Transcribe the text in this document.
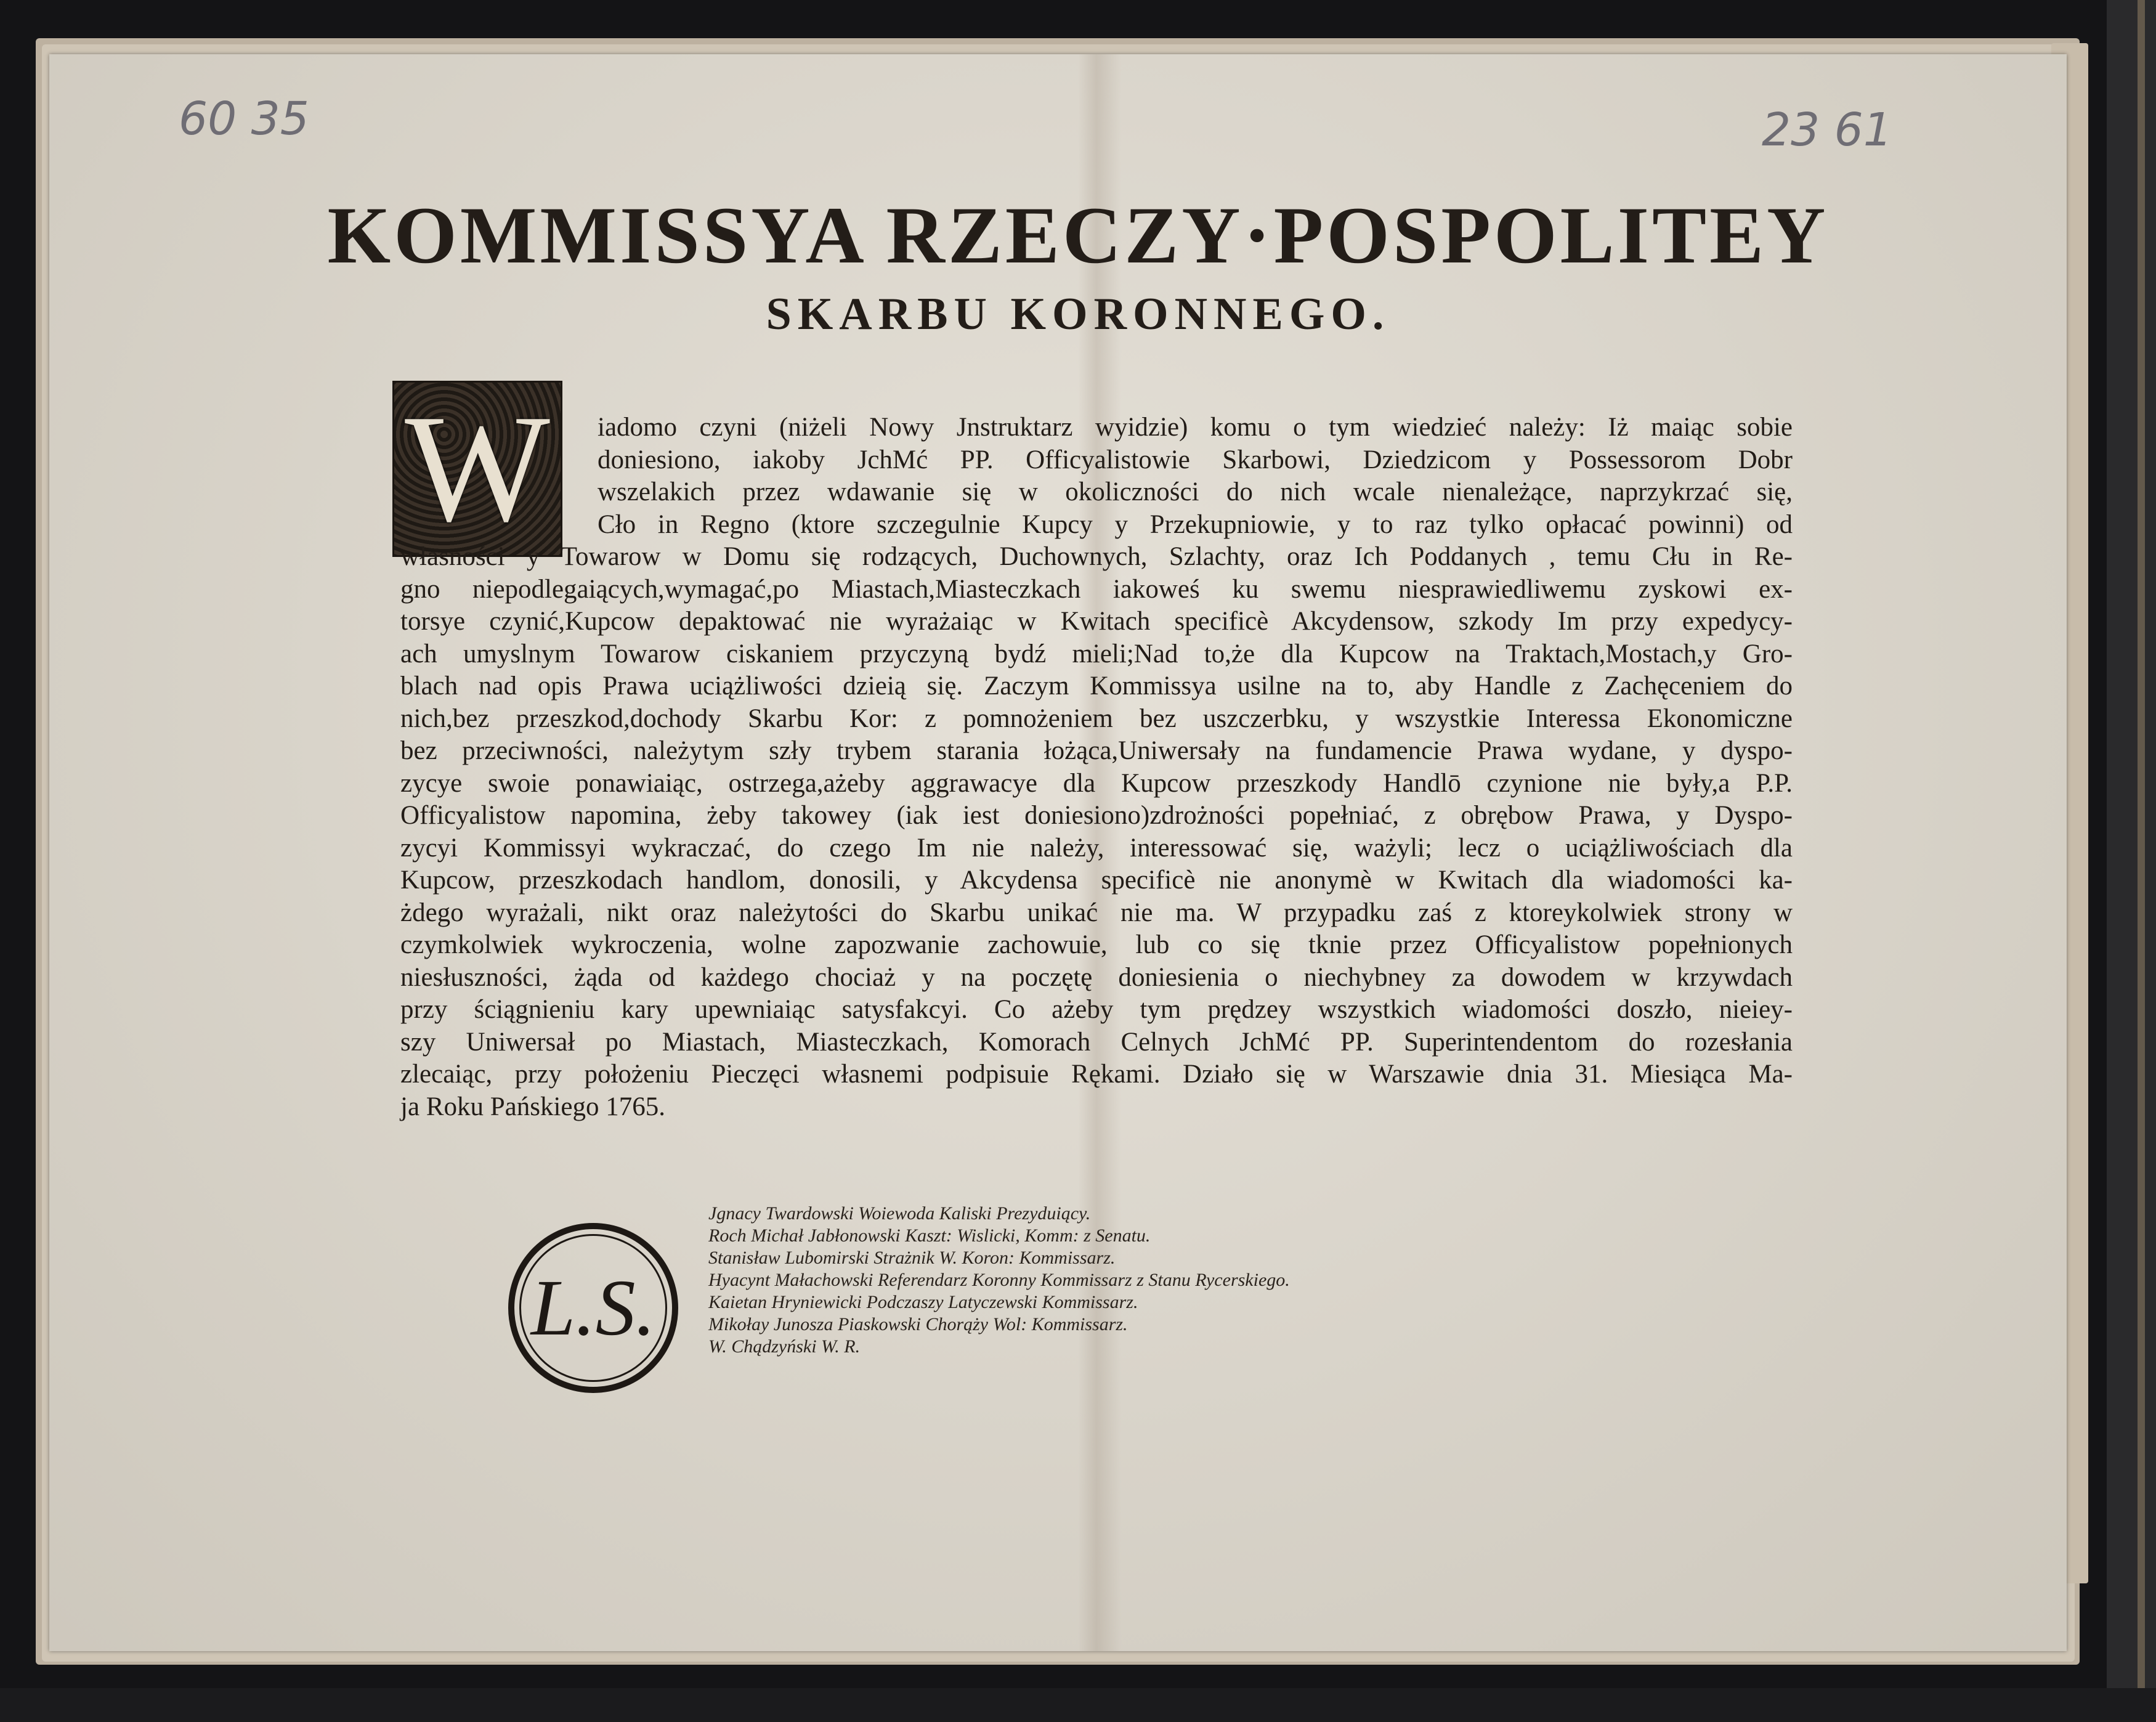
60 35	23 61
KOMMISSYA RZECZY·POSPOLITEY
SKARBU KORONNEGO.
W	iadomo czyni (niżeli Nowy Jnstruktarz wyidzie) komu o tym wiedzieć należy: Iż maiąc sobie
doniesiono, iakoby JchMć PP. Officyalistowie Skarbowi, Dziedzicom y Possessorom Dobr
wszelakich przez wdawanie się w okoliczności do nich wcale nienależące, naprzykrzać się,
Cło in Regno (ktore szczegulnie Kupcy y Przekupniowie, y to raz tylko opłacać powinni) od
własności y Towarow w Domu się rodzących, Duchownych, Szlachty, oraz Ich Poddanych , temu Cłu in Re-
gno niepodlegaiących,wymagać,po Miastach,Miasteczkach iakoweś ku swemu niesprawiedliwemu zyskowi ex-
torsye czynić,Kupcow depaktować nie wyrażaiąc w Kwitach specificè Akcydensow, szkody Im przy expedycy-
ach umyslnym Towarow ciskaniem przyczyną bydź mieli;Nad to,że dla Kupcow na Traktach,Mostach,y Gro-
blach nad opis Prawa uciążliwości dzieią się. Zaczym Kommissya usilne na to, aby Handle z Zachęceniem do
nich,bez przeszkod,dochody Skarbu Kor: z pomnożeniem bez uszczerbku, y wszystkie Interessa Ekonomiczne
bez przeciwności, należytym szły trybem starania łożąca,Uniwersały na fundamencie Prawa wydane, y dyspo-
zycye swoie ponawiaiąc, ostrzega,ażeby aggrawacye dla Kupcow przeszkody Handlō czynione nie były,a P.P.
Officyalistow napomina, żeby takowey (iak iest doniesiono)zdrożności popełniać, z obrębow Prawa, y Dyspo-
zycyi Kommissyi wykraczać, do czego Im nie należy, interessować się, ważyli; lecz o uciążliwościach dla
Kupcow, przeszkodach handlom, donosili, y Akcydensa specificè nie anonymè w Kwitach dla wiadomości ka-
żdego wyrażali, nikt oraz należytości do Skarbu unikać nie ma. W przypadku zaś z ktoreykolwiek strony w
czymkolwiek wykroczenia, wolne zapozwanie zachowuie, lub co się tknie przez Officyalistow popełnionych
niesłuszności, żąda od każdego chociaż y na poczętę doniesienia o niechybney za dowodem w krzywdach
przy ściągnieniu kary upewniaiąc satysfakcyi. Co ażeby tym prędzey wszystkich wiadomości doszło, nieiey-
szy Uniwersał po Miastach, Miasteczkach, Komorach Celnych JchMć PP. Superintendentom do rozesłania
zlecaiąc, przy położeniu Pieczęci własnemi podpisuie Rękami. Działo się w Warszawie dnia 31. Miesiąca Ma-
ja Roku Pańskiego 1765.

L.S.
Jgnacy Twardowski Woiewoda Kaliski Prezyduiący.
Roch Michał Jabłonowski Kaszt: Wislicki, Komm: z Senatu.
Stanisław Lubomirski Strażnik W. Koron: Kommissarz.
Hyacynt Małachowski Referendarz Koronny Kommissarz z Stanu Rycerskiego.
Kaietan Hryniewicki Podczaszy Latyczewski Kommissarz.
Mikołay Junosza Piaskowski Chorąży Wol: Kommissarz.
W. Chądzyński W. R.
